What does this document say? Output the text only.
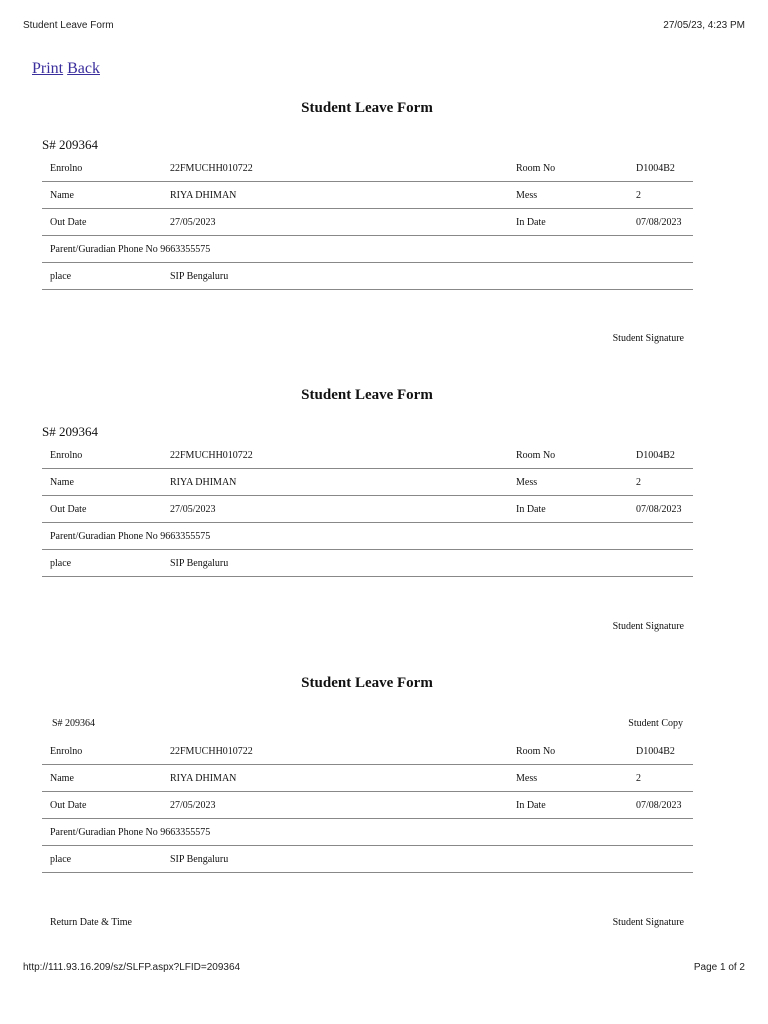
Student Leave Form	27/05/23, 4:23 PM
Print Back
Student Leave Form
S# 209364
Enrolno	22FMUCHH010722	Room No	D1004B2
Name	RIYA DHIMAN	Mess	2
Out Date	27/05/2023	In Date	07/08/2023
Parent/Guradian Phone No 9663355575			
place	SIP Bengaluru		
Student Signature
Student Leave Form
S# 209364
Enrolno	22FMUCHH010722	Room No	D1004B2
Name	RIYA DHIMAN	Mess	2
Out Date	27/05/2023	In Date	07/08/2023
Parent/Guradian Phone No 9663355575			
place	SIP Bengaluru		
Student Signature
Student Leave Form
S# 209364	Student Copy
Enrolno	22FMUCHH010722	Room No	D1004B2
Name	RIYA DHIMAN	Mess	2
Out Date	27/05/2023	In Date	07/08/2023
Parent/Guradian Phone No 9663355575			
place	SIP Bengaluru		
Return Date & Time	Student Signature
http://111.93.16.209/sz/SLFP.aspx?LFID=209364	Page 1 of 2
